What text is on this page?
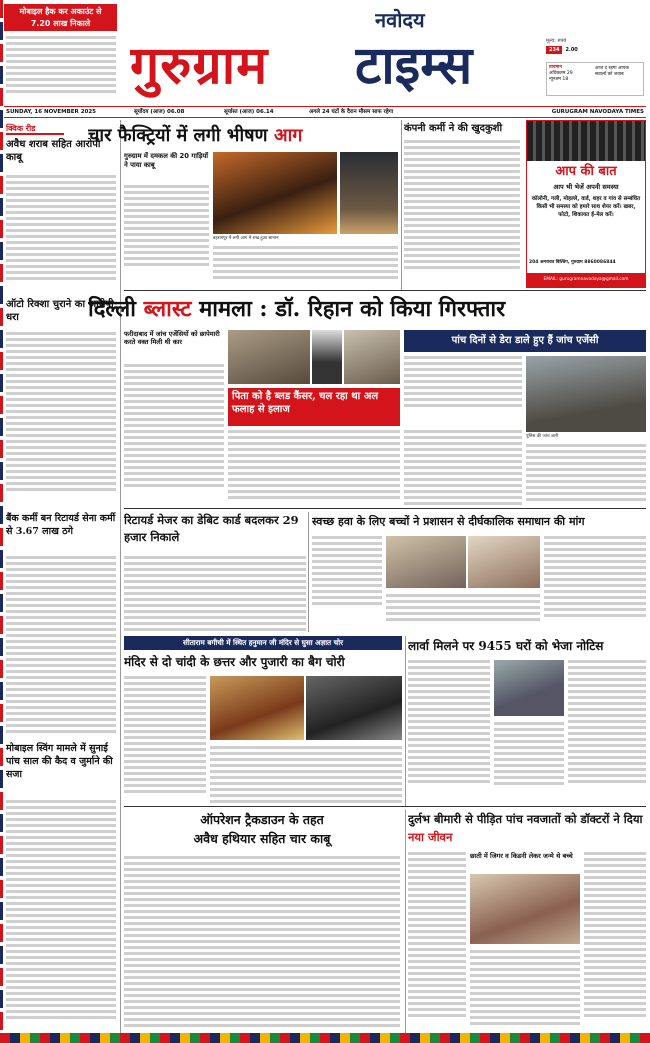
मोबाइल हैक कर अकाउंट से
7.20 लाख निकाले	नवोदय
गुरुग्राम	टाइम्स	मूल्य: रुपये
234	2.00
तापमान
अधिकतम 29
न्यूनतम 18
आज दे रहेगी आपके सवालों को जवाब
SUNDAY, 16 NOVEMBER 2025	सूर्योदय (आज) 06.08	सूर्यास्त (आज) 06.14	अगले 24 घंटों के दैरान मौसम साफ रहेगा	GURUGRAM NAVODAYA TIMES
क्विक रीड
अवैध शराब सहित आरोपी काबू
ऑटो रिक्शा चुराने का आरोपी धरा
बैंक कर्मी बन रिटायर्ड सेना कर्मी से 3.67 लाख ठगे
मोबाइल स्विंग मामले में सुनाई पांच साल की कैद व जुर्माने की सजा
चार फैक्ट्रियों में लगी भीषण आग
गुरुग्राम में दमकल की 20 गाड़ियों ने पाया काबू
बहरामपुर में लगी आग में राख हुआ सामान
कंपनी कर्मी ने की खुदकुशी
आप की बात
आप भी भेजें अपनी समस्या
कॉलोनी, गली, मोहल्ले, वार्ड, शहर व गांव से सम्बंधित किसी भी समस्या को हमारे साथ शेयर करें। खबर, फोटो, शिकायत ई-मेल करें।
204 अमरावत बिल्डिंग, गुरुग्राम 8860086844
EMAIL: gurugramnavodaya@gmail.com
दिल्ली ब्लास्ट मामला : डॉ. रिहान को किया गिरफ्तार
फरीदाबाद में जांच एजेंसियों को छापेमारी करते वक्त मिली थी कार	पांच दिनों से डेरा डाले हुए हैं जांच एजेंसी
पुलिस की जांच जारी
पिता को है ब्लड कैंसर, चल रहा था अल फलाह से इलाज
रिटायर्ड मेजर का डेबिट कार्ड बदलकर 29 हजार निकाले
स्वच्छ हवा के लिए बच्चों ने प्रशासन से दीर्घकालिक समाधान की मांग
सीताराम बगीची में स्थित हनुमान जी मंदिर से घुसा अज्ञात चोर
मंदिर से दो चांदी के छत्तर और पुजारी का बैग चोरी
लार्वा मिलने पर 9455 घरों को भेजा नोटिस
ऑपरेशन ट्रैकडाउन के तहत
अवैध हथियार सहित चार काबू
दुर्लभ बीमारी से पीड़ित पांच नवजातों को डॉक्टरों ने दिया नया जीवन
छाती में जिगर व किडनी लेकर जन्मे थे बच्चे
